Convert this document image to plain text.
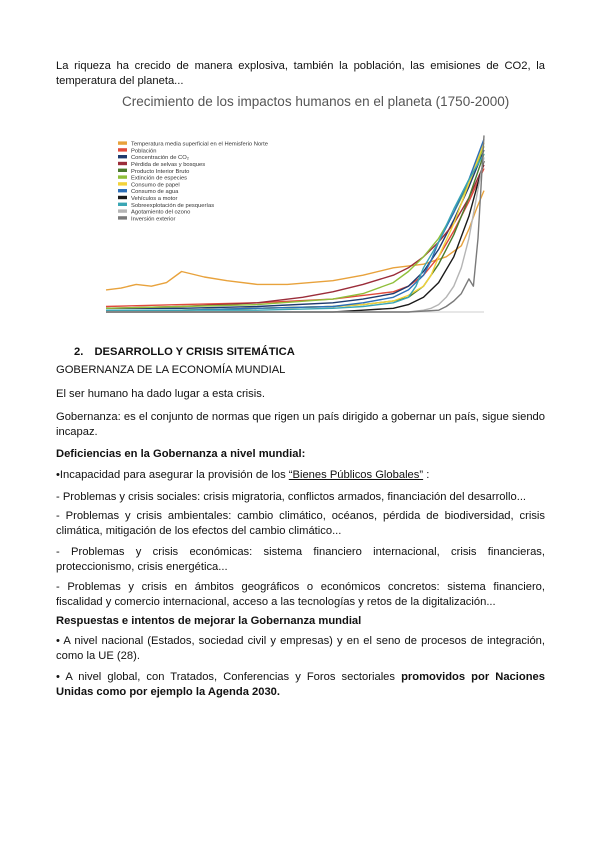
La riqueza ha crecido de manera explosiva, también la población, las emisiones de CO2, la temperatura del planeta...

Crecimiento de los impactos humanos en el planeta (1750-2000)
Temperatura media superficial en el Hemisferio Norte
Población
Concentración de CO₂
Pérdida de selvas y bosques
Producto Interior Bruto
Extinción de especies
Consumo de papel
Consumo de agua
Vehículos a motor
Sobreexplotación de pesquerías
Agotamiento del ozono
Inversión exterior
2. DESARROLLO Y CRISIS SITEMÁTICA

GOBERNANZA DE LA ECONOMÍA MUNDIAL

El ser humano ha dado lugar a esta crisis.

Gobernanza: es el conjunto de normas que rigen un país dirigido a gobernar un país, sigue siendo incapaz.

Deficiencias en la Gobernanza a nivel mundial:

•Incapacidad para asegurar la provisión de los “Bienes Públicos Globales” :

- Problemas y crisis sociales: crisis migratoria, conflictos armados, financiación del desarrollo...

- Problemas y crisis ambientales: cambio climático, océanos, pérdida de biodiversidad, crisis climática, mitigación de los efectos del cambio climático...

- Problemas y crisis económicas: sistema financiero internacional, crisis financieras, proteccionismo, crisis energética...

- Problemas y crisis en ámbitos geográficos o económicos concretos: sistema financiero, fiscalidad y comercio internacional, acceso a las tecnologías y retos de la digitalización...

Respuestas e intentos de mejorar la Gobernanza mundial

• A nivel nacional (Estados, sociedad civil y empresas) y en el seno de procesos de integración, como la UE (28).

• A nivel global, con Tratados, Conferencias y Foros sectoriales promovidos por Naciones Unidas como por ejemplo la Agenda 2030.
